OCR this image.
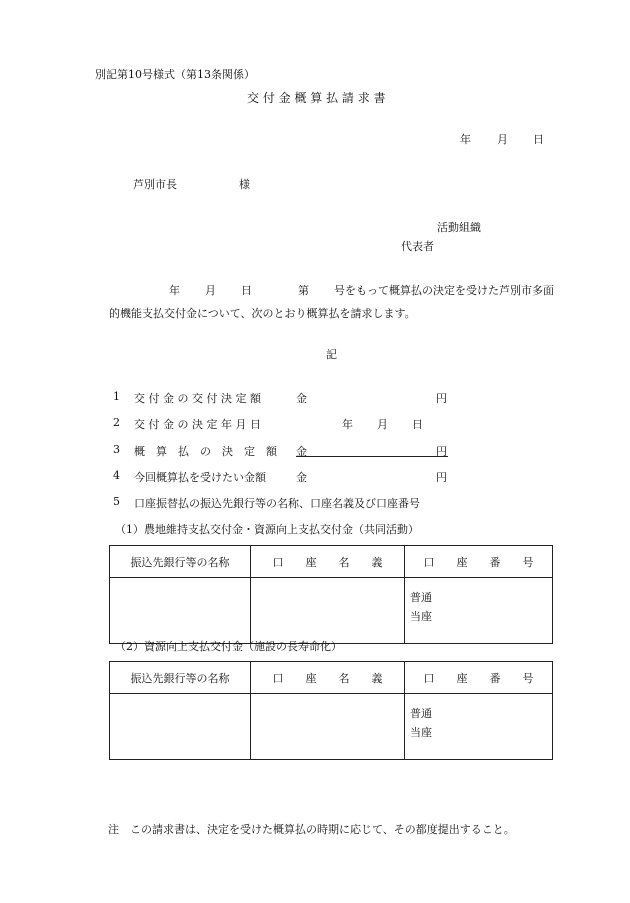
別記第10号様式（第13条関係）
交 付 金 概 算 払 請 求 書
年 月 日
芦別市長	様
活動組織
代表者
年 月 日	第 号をもって概算払の決定を受けた芦別市多面
的機能支払交付金について、次のとおり概算払を請求します。
記
1 交 付 金 の 交 付 決 定 額	金	円
2 交 付 金 の 決 定 年 月 日	年 月 日
3 概　算　払　の　決　定　額 金	円
4 今回概算払を受けたい金額	金	円
5 口座振替払の振込先銀行等の名称、口座名義及び口座番号
（1）農地維持支払交付金・資源向上支払交付金（共同活動）
振込先銀行等の名称	口　　座　　名　　義	口　　座　　番　　号

		普通
当座
（2）資源向上支払交付金（施設の長寿命化）
振込先銀行等の名称	口　　座　　名　　義	口　　座　　番　　号

		普通
当座
注　この請求書は、決定を受けた概算払の時期に応じて、その都度提出すること。
